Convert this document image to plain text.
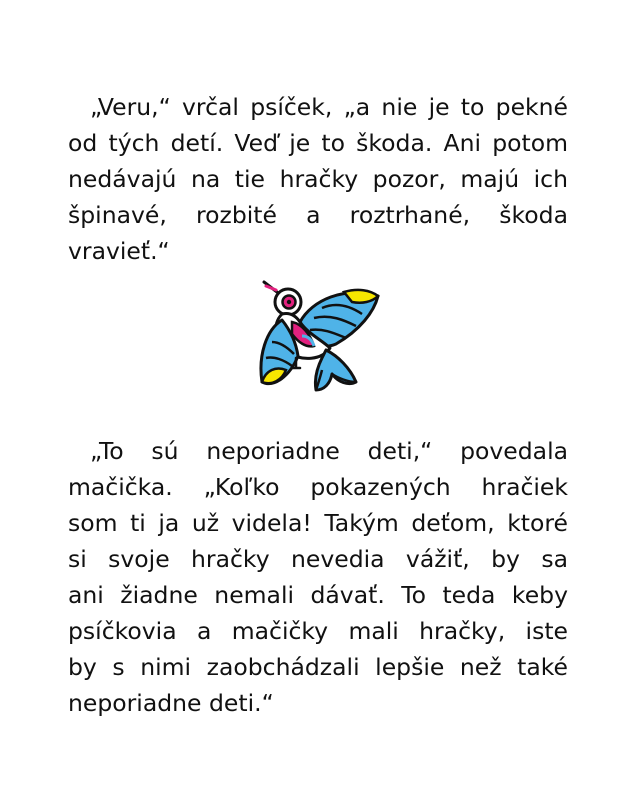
„Veru,“ vrčal psíček, „a nie je to pekné
od tých detí. Veď je to škoda. Ani potom
nedávajú na tie hračky pozor, majú ich
špinavé, rozbité a roztrhané, škoda
vravieť.“
„To sú neporiadne deti,“ povedala
mačička. „Koľko pokazených hračiek
som ti ja už videla! Takým deťom, ktoré
si svoje hračky nevedia vážiť, by sa
ani žiadne nemali dávať. To teda keby
psíčkovia a mačičky mali hračky, iste
by s nimi zaobchádzali lepšie než také
neporiadne deti.“
